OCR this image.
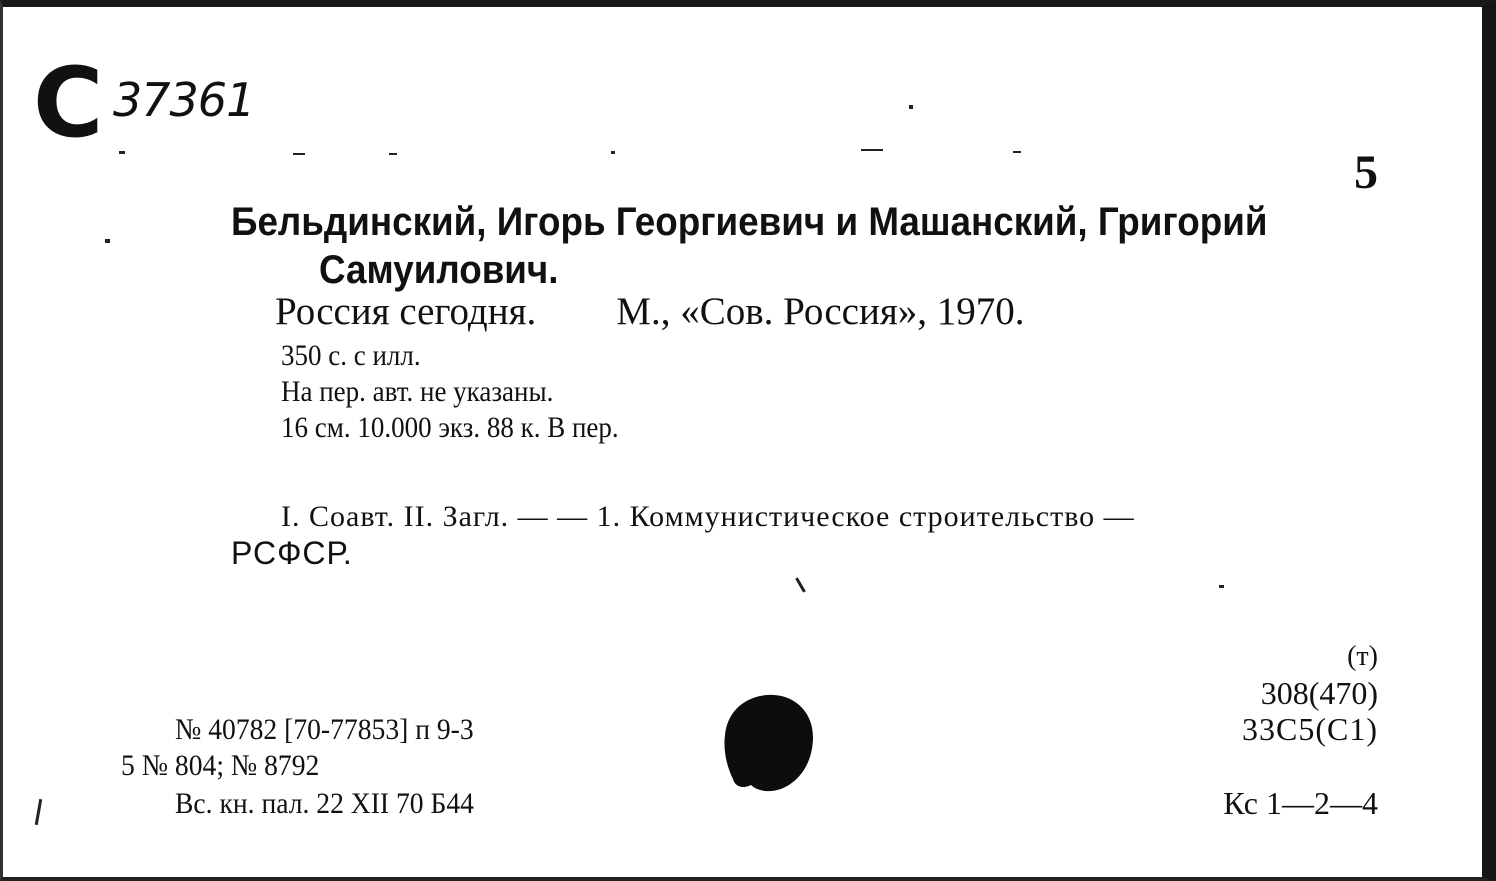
С 37361
5
Бельдинский, Игорь Георгиевич и Машанский, Григорий
Самуилович.
Россия сегодня. М., «Сов. Россия», 1970.
350 с. с илл.
На пер. авт. не указаны.
16 см. 10.000 экз. 88 к. В пер.
I. Соавт. II. Загл. — — 1. Коммунистическое строительство —
РСФСР.
№ 40782 [70-77853] п 9-3
5 № 804; № 8792
Вс. кн. пал. 22 XII 70 Б44
(т)
308(470)
33С5(С1)
Кс 1—2—4
